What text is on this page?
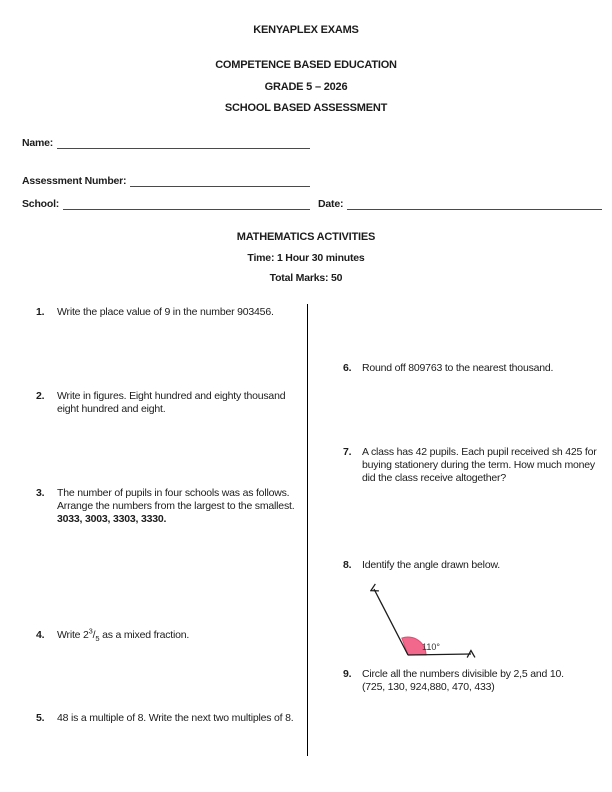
KENYAPLEX EXAMS
COMPETENCE BASED EDUCATION
GRADE 5 – 2026
SCHOOL BASED ASSESSMENT
Name:
Assessment Number:
School:	Date:
MATHEMATICS ACTIVITIES
Time: 1 Hour 30 minutes
Total Marks: 50
1.	Write the place value of 9 in the number 903456.
2.	Write in figures. Eight hundred and eighty thousand eight hundred and eight.
3.	The number of pupils in four schools was as follows. Arrange the numbers from the largest to the smallest.
3033, 3003, 3303, 3330.
4.	Write $2^3/_5$ as a mixed fraction.
5.	48 is a multiple of 8. Write the next two multiples of 8.
6.	Round off 809763 to the nearest thousand.
7.	A class has 42 pupils. Each pupil received sh 425 for buying stationery during the term. How much money did the class receive altogether?
8.	Identify the angle drawn below.
110°
9.	Circle all the numbers divisible by 2,5 and 10.
(725, 130, 924,880, 470, 433)
